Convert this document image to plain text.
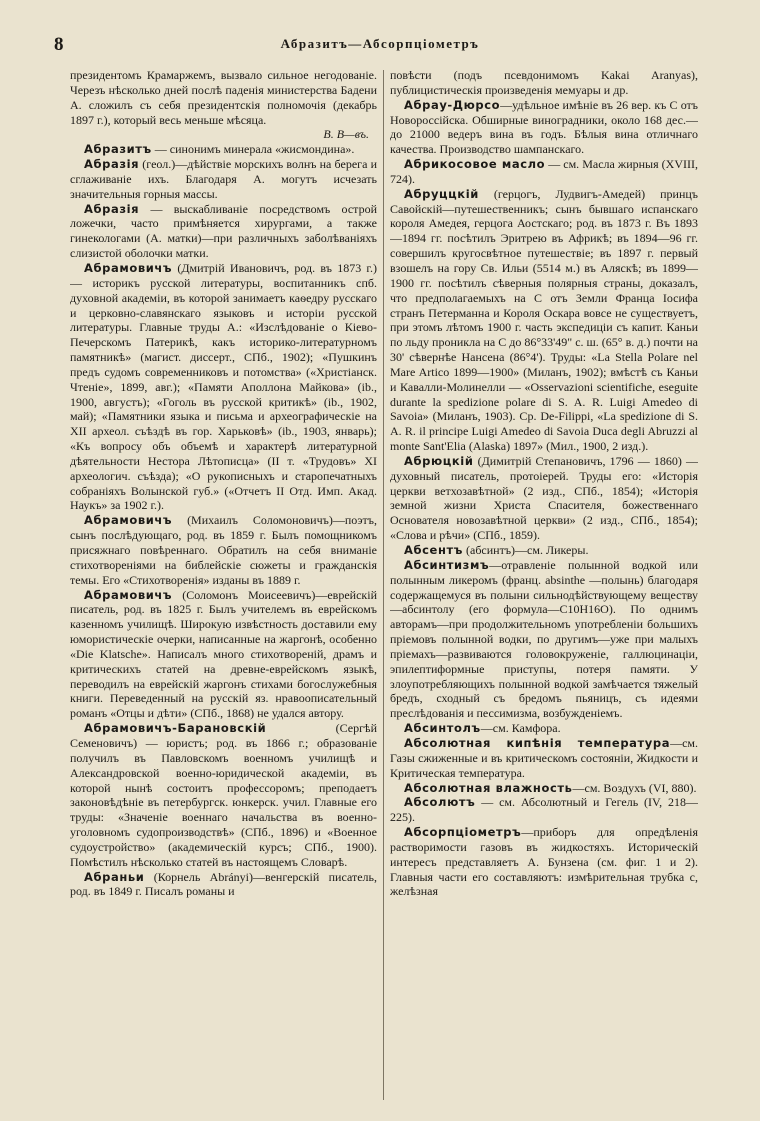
8	Абразитъ—Абсорпціометръ

президентомъ Крамаржемъ, вызвало сильное негодованіе. Черезъ нѣсколько дней послѣ паденія министерства Бадени А. сложилъ съ себя президентскія полномочія (декабрь 1897 г.), который весь меньше мѣсяца.

В. В—въ.

Абразитъ — синонимъ минерала «жисмондина».

Абразія (геол.)—дѣйствіе морскихъ волнъ на берега и сглаживаніе ихъ. Благодаря А. могутъ исчезать значительныя горныя массы.

Абразія — выскабливаніе посредствомъ острой ложечки, часто примѣняется хирургами, а также гинекологами (А. матки)—при различныхъ заболѣваніяхъ слизистой оболочки матки.

Абрамовичъ (Дмитрій Ивановичъ, род. въ 1873 г.) — историкъ русской литературы, воспитанникъ спб. духовной академіи, въ которой занимаетъ каѳедру русскаго и церковно-славянскаго языковъ и исторіи русской литературы. Главные труды А.: «Изслѣдованіе о Кіево-Печерскомъ Патерикѣ, какъ историко-литературномъ памятникѣ» (магист. диссерт., СПб., 1902); «Пушкинъ предъ судомъ современниковъ и потомства» («Христіанск. Чтеніе», 1899, авг.); «Памяти Аполлона Майкова» (ib., 1900, августъ); «Гоголь въ русской критикѣ» (ib., 1902, май); «Памятники языка и письма и археографическіе на XII археол. съѣздѣ въ гор. Харьковѣ» (ib., 1903, январь); «Къ вопросу объ объемѣ и характерѣ литературной дѣятельности Нестора Лѣтописца» (II т. «Трудовъ» XI археологич. съѣзда); «О рукописныхъ и старопечатныхъ собраніяхъ Волынской губ.» («Отчетъ II Отд. Имп. Акад. Наукъ» за 1902 г.).

Абрамовичъ (Михаилъ Соломоновичъ)—поэтъ, сынъ послѣдующаго, род. въ 1859 г. Былъ помощникомъ присяжнаго повѣреннаго. Обратилъ на себя вниманіе стихотвореніями на библейскіе сюжеты и гражданскія темы. Его «Стихотворенія» изданы въ 1889 г.

Абрамовичъ (Соломонъ Моисеевичъ)—еврейскій писатель, род. въ 1825 г. Былъ учителемъ въ еврейскомъ казенномъ училищѣ. Широкую извѣстность доставили ему юмористическіе очерки, написанные на жаргонѣ, особенно «Die Klatsche». Написалъ много стихотвореній, драмъ и критическихъ статей на древне-еврейскомъ языкѣ, переводилъ на еврейскій жаргонъ стихами богослужебныя книги. Переведенный на русскій яз. нравоописательный романъ «Отцы и дѣти» (СПб., 1868) не удался автору.

Абрамовичъ-Барановскій (Сергѣй Семеновичъ) — юристъ; род. въ 1866 г.; образованіе получилъ въ Павловскомъ военномъ училищѣ и Александровской военно-юридической академіи, въ которой нынѣ состоитъ профессоромъ; преподаетъ законовѣдѣніе въ петербургск. юнкерск. учил. Главные его труды: «Значеніе военнаго начальства въ военно-уголовномъ судопроизводствѣ» (СПб., 1896) и «Военное судоустройство» (академическій курсъ; СПб., 1900). Помѣстилъ нѣсколько статей въ настоящемъ Словарѣ.

Абраньи (Корнель Abrányi)—венгерскій писатель, род. въ 1849 г. Писалъ романы и

повѣсти (подъ псевдонимомъ Kakai Aranyas), публицистическія произведенія мемуары и др.

Абрау-Дюрсо—удѣльное имѣніе въ 26 вер. къ С отъ Новороссійска. Обширные виноградники, около 168 дес.—до 21000 ведеръ вина въ годъ. Бѣлыя вина отличнаго качества. Производство шампанскаго.

Абрикосовое масло — см. Масла жирныя (XVIII, 724).

Абруццкій (герцогъ, Лудвигъ-Амедей) принцъ Савойскій—путешественникъ; сынъ бывшаго испанскаго короля Амедея, герцога Аостскаго; род. въ 1873 г. Въ 1893—1894 гг. посѣтилъ Эритрею въ Африкѣ; въ 1894—96 гг. совершилъ кругосвѣтное путешествіе; въ 1897 г. первый взошелъ на гору Св. Ильи (5514 м.) въ Аляскѣ; въ 1899—1900 гг. посѣтилъ сѣверныя полярныя страны, доказалъ, что предполагаемыхъ на С отъ Земли Франца Іосифа странъ Петерманна и Короля Оскара вовсе не существуетъ, при этомъ лѣтомъ 1900 г. часть экспедиціи съ капит. Каньи по льду проникла на С до 86°33'49" с. ш. (65° в. д.) почти на 30' сѣвернѣе Нансена (86°4'). Труды: «La Stella Polare nel Mare Artico 1899—1900» (Миланъ, 1902); вмѣстѣ съ Каньи и Кавалли-Молинелли — «Osservazioni scientifiche, eseguite durante la spedizione polare di S. A. R. Luigi Amedeo di Savoia» (Миланъ, 1903). Ср. De-Filippi, «La spedizione di S. A. R. il principe Luigi Amedeo di Savoia Duca degli Abruzzi al monte Sant'Elia (Alaska) 1897» (Мил., 1900, 2 изд.).

Абрюцкій (Димитрій Степановичъ, 1796 — 1860) — духовный писатель, протоіерей. Труды его: «Исторія церкви ветхозавѣтной» (2 изд., СПб., 1854); «Исторія земной жизни Христа Спасителя, божественнаго Основателя новозавѣтной церкви» (2 изд., СПб., 1854); «Слова и рѣчи» (СПб., 1859).

Абсентъ (абсинтъ)—см. Ликеры.

Абсинтизмъ—отравленіе полынной водкой или полынным ликеромъ (франц. absinthe —полынь) благодаря содержащемуся въ полыни сильнодѣйствующему веществу—абсинтолу (его формула—C10H16O). По однимъ авторамъ—при продолжительномъ употребленіи большихъ пріемовъ полынной водки, по другимъ—уже при малыхъ пріемахъ—развиваются головокруженіе, галлюцинаціи, эпилептиформные приступы, потеря памяти. У злоупотребляющихъ полынной водкой замѣчается тяжелый бредъ, сходный съ бредомъ пьяницъ, съ идеями преслѣдованія и пессимизма, возбужденіемъ.

Абсинтолъ—см. Камфора.

Абсолютная кипѣнія температура—см. Газы сжиженные и въ критическомъ состояніи, Жидкости и Критическая температура.

Абсолютная влажность—см. Воздухъ (VI, 880).

Абсолютъ — см. Абсолютный и Гегель (IV, 218—225).

Абсорпціометръ—приборъ для опредѣленія растворимости газовъ въ жидкостяхъ. Историческій интересъ представляетъ А. Бунзена (см. фиг. 1 и 2). Главныя части его составляютъ: измѣрительная трубка c, желѣзная
